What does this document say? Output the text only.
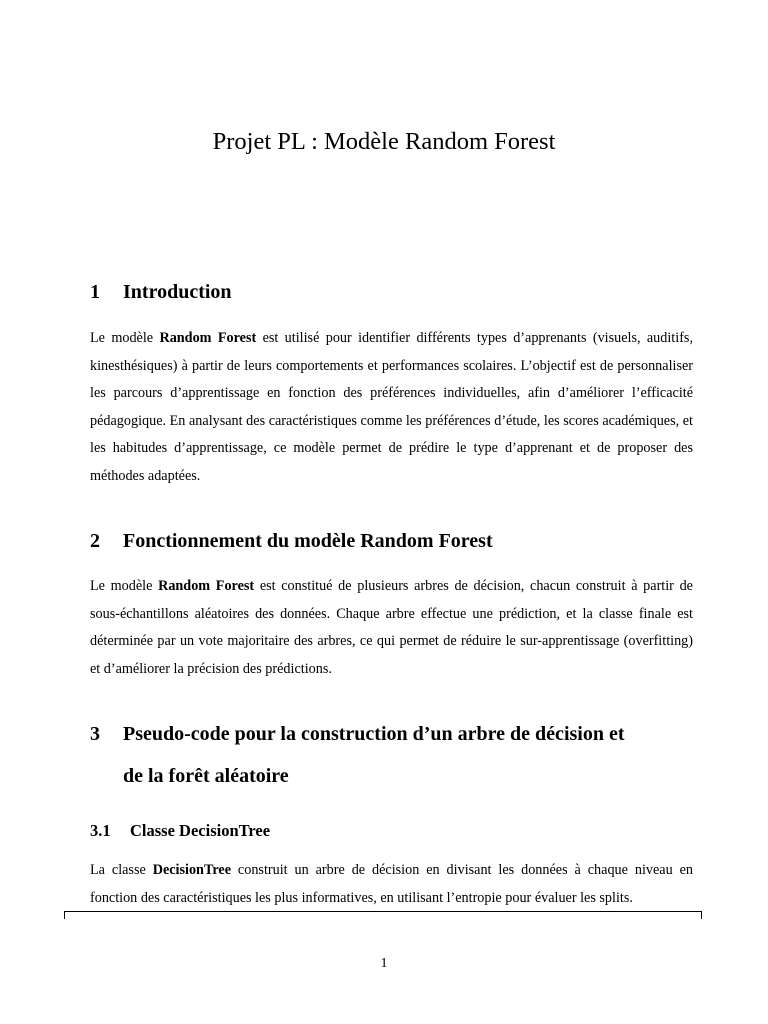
Projet PL : Modèle Random Forest
1 Introduction

Le modèle Random Forest est utilisé pour identifier différents types d’apprenants (visuels, auditifs, kinesthésiques) à partir de leurs comportements et performances scolaires. L’objectif est de personnaliser les parcours d’apprentissage en fonction des préférences individuelles, afin d’améliorer l’efficacité pédagogique. En analysant des caractéristiques comme les préférences d’étude, les scores académiques, et les habitudes d’apprentissage, ce modèle permet de prédire le type d’apprenant et de proposer des méthodes adaptées.

2 Fonctionnement du modèle Random Forest

Le modèle Random Forest est constitué de plusieurs arbres de décision, chacun construit à partir de sous-échantillons aléatoires des données. Chaque arbre effectue une prédiction, et la classe finale est déterminée par un vote majoritaire des arbres, ce qui permet de réduire le sur-apprentissage (overfitting) et d’améliorer la précision des prédictions.

3 Pseudo-code pour la construction d’un arbre de décision et
de la forêt aléatoire
3.1 Classe DecisionTree

La classe DecisionTree construit un arbre de décision en divisant les données à chaque niveau en fonction des caractéristiques les plus informatives, en utilisant l’entropie pour évaluer les splits.

1
